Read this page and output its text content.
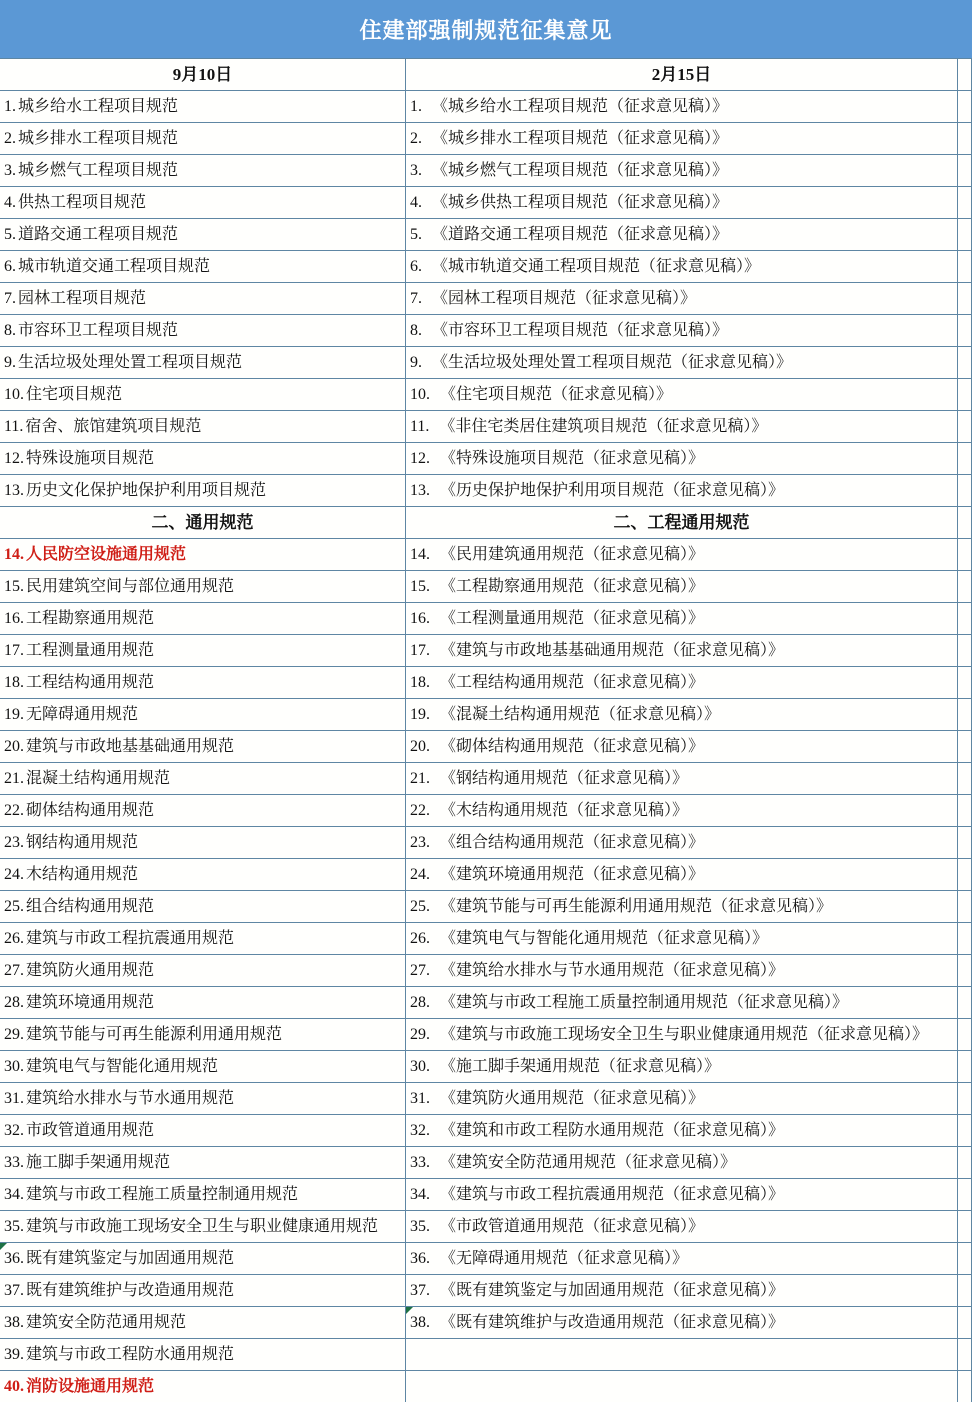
住建部强制规范征集意见
9月10日	2月15日
1. 城乡给水工程项目规范	1. 《城乡给水工程项目规范（征求意见稿）》
2. 城乡排水工程项目规范	2. 《城乡排水工程项目规范（征求意见稿）》
3. 城乡燃气工程项目规范	3. 《城乡燃气工程项目规范（征求意见稿）》
4. 供热工程项目规范	4. 《城乡供热工程项目规范（征求意见稿）》
5. 道路交通工程项目规范	5. 《道路交通工程项目规范（征求意见稿）》
6. 城市轨道交通工程项目规范	6. 《城市轨道交通工程项目规范（征求意见稿）》
7. 园林工程项目规范	7. 《园林工程项目规范（征求意见稿）》
8. 市容环卫工程项目规范	8. 《市容环卫工程项目规范（征求意见稿）》
9. 生活垃圾处理处置工程项目规范	9. 《生活垃圾处理处置工程项目规范（征求意见稿）》
10. 住宅项目规范	10. 《住宅项目规范（征求意见稿）》
11. 宿舍、旅馆建筑项目规范	11. 《非住宅类居住建筑项目规范（征求意见稿）》
12. 特殊设施项目规范	12. 《特殊设施项目规范（征求意见稿）》
13. 历史文化保护地保护利用项目规范	13. 《历史保护地保护利用项目规范（征求意见稿）》
二、通用规范	二、工程通用规范
14. 人民防空设施通用规范	14. 《民用建筑通用规范（征求意见稿）》
15. 民用建筑空间与部位通用规范	15. 《工程勘察通用规范（征求意见稿）》
16. 工程勘察通用规范	16. 《工程测量通用规范（征求意见稿）》
17. 工程测量通用规范	17. 《建筑与市政地基基础通用规范（征求意见稿）》
18. 工程结构通用规范	18. 《工程结构通用规范（征求意见稿）》
19. 无障碍通用规范	19. 《混凝土结构通用规范（征求意见稿）》
20. 建筑与市政地基基础通用规范	20. 《砌体结构通用规范（征求意见稿）》
21. 混凝土结构通用规范	21. 《钢结构通用规范（征求意见稿）》
22. 砌体结构通用规范	22. 《木结构通用规范（征求意见稿）》
23. 钢结构通用规范	23. 《组合结构通用规范（征求意见稿）》
24. 木结构通用规范	24. 《建筑环境通用规范（征求意见稿）》
25. 组合结构通用规范	25. 《建筑节能与可再生能源利用通用规范（征求意见稿）》
26. 建筑与市政工程抗震通用规范	26. 《建筑电气与智能化通用规范（征求意见稿）》
27. 建筑防火通用规范	27. 《建筑给水排水与节水通用规范（征求意见稿）》
28. 建筑环境通用规范	28. 《建筑与市政工程施工质量控制通用规范（征求意见稿）》
29. 建筑节能与可再生能源利用通用规范	29. 《建筑与市政施工现场安全卫生与职业健康通用规范（征求意见稿）》
30. 建筑电气与智能化通用规范	30. 《施工脚手架通用规范（征求意见稿）》
31. 建筑给水排水与节水通用规范	31. 《建筑防火通用规范（征求意见稿）》
32. 市政管道通用规范	32. 《建筑和市政工程防水通用规范（征求意见稿）》
33. 施工脚手架通用规范	33. 《建筑安全防范通用规范（征求意见稿）》
34. 建筑与市政工程施工质量控制通用规范	34. 《建筑与市政工程抗震通用规范（征求意见稿）》
35. 建筑与市政施工现场安全卫生与职业健康通用规范 35. 《市政管道通用规范（征求意见稿）》
36. 既有建筑鉴定与加固通用规范	36. 《无障碍通用规范（征求意见稿）》
37. 既有建筑维护与改造通用规范	37. 《既有建筑鉴定与加固通用规范（征求意见稿）》
38. 建筑安全防范通用规范	38. 《既有建筑维护与改造通用规范（征求意见稿）》
39. 建筑与市政工程防水通用规范
40. 消防设施通用规范
